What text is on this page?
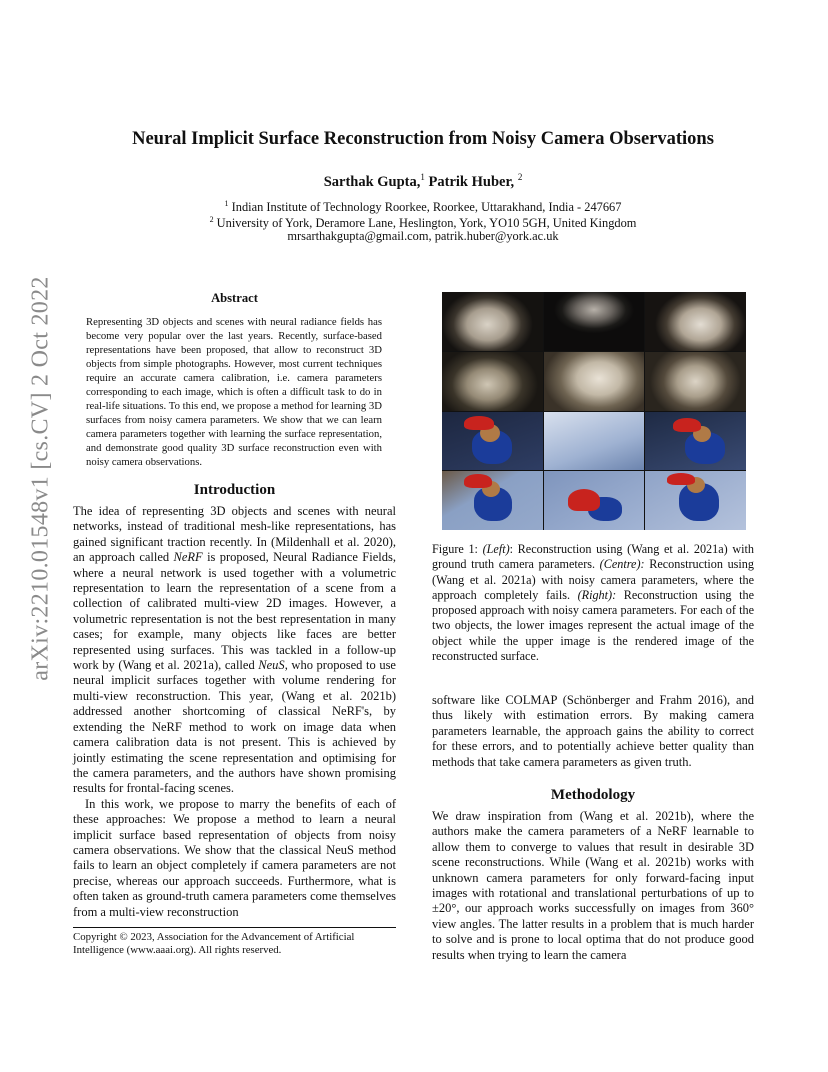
arXiv:2210.01548v1 [cs.CV] 2 Oct 2022
Neural Implicit Surface Reconstruction from Noisy Camera Observations
Sarthak Gupta,$^1$ Patrik Huber, $^2$
$^1$ Indian Institute of Technology Roorkee, Roorkee, Uttarakhand, India - 247667
$^2$ University of York, Deramore Lane, Heslington, York, YO10 5GH, United Kingdom
mrsarthakgupta@gmail.com, patrik.huber@york.ac.uk
Abstract
Representing 3D objects and scenes with neural radiance fields has become very popular over the last years. Recently, surface-based representations have been proposed, that allow to reconstruct 3D objects from simple photographs. However, most current techniques require an accurate camera calibration, i.e. camera parameters corresponding to each image, which is often a difficult task to do in real-life situations. To this end, we propose a method for learning 3D surfaces from noisy camera parameters. We show that we can learn camera parameters together with learning the surface representation, and demonstrate good quality 3D surface reconstruction even with noisy camera observations.
Introduction

The idea of representing 3D objects and scenes with neural networks, instead of traditional mesh-like representations, has gained significant traction recently. In (Mildenhall et al. 2020), an approach called NeRF is proposed, Neural Radiance Fields, where a neural network is used together with a volumetric representation to learn the representation of a scene from a collection of calibrated multi-view 2D images. However, a volumetric representation is not the best representation in many cases; for example, many objects like faces are better represented using surfaces. This was tackled in a follow-up work by (Wang et al. 2021a), called NeuS, who proposed to use neural implicit surfaces together with volume rendering for multi-view reconstruction. This year, (Wang et al. 2021b) addressed another shortcoming of classical NeRF's, by extending the NeRF method to work on image data when camera calibration data is not present. This is achieved by jointly estimating the scene representation and optimising for the camera parameters, and the authors have shown promising results for frontal-facing scenes.

In this work, we propose to marry the benefits of each of these approaches: We propose a method to learn a neural implicit surface based representation of objects from noisy camera observations. We show that the classical NeuS method fails to learn an object completely if camera parameters are not precise, whereas our approach succeeds. Furthermore, what is often taken as ground-truth camera parameters come themselves from a multi-view reconstruction

Copyright © 2023, Association for the Advancement of Artificial Intelligence (www.aaai.org). All rights reserved.
Figure 1: (Left): Reconstruction using (Wang et al. 2021a) with ground truth camera parameters. (Centre): Reconstruction using (Wang et al. 2021a) with noisy camera parameters, where the approach completely fails. (Right): Reconstruction using the proposed approach with noisy camera parameters. For each of the two objects, the lower images represent the actual image of the object while the upper image is the rendered image of the reconstructed surface.
software like COLMAP (Schönberger and Frahm 2016), and thus likely with estimation errors. By making camera parameters learnable, the approach gains the ability to correct for these errors, and to potentially achieve better quality than methods that take camera parameters as given truth.
Methodology
We draw inspiration from (Wang et al. 2021b), where the authors make the camera parameters of a NeRF learnable to allow them to converge to values that result in desirable 3D scene reconstructions. While (Wang et al. 2021b) works with unknown camera parameters for only forward-facing input images with rotational and translational perturbations of up to ±20°, our approach works successfully on images from 360° view angles. The latter results in a problem that is much harder to solve and is prone to local optima that do not produce good results when trying to learn the camera
